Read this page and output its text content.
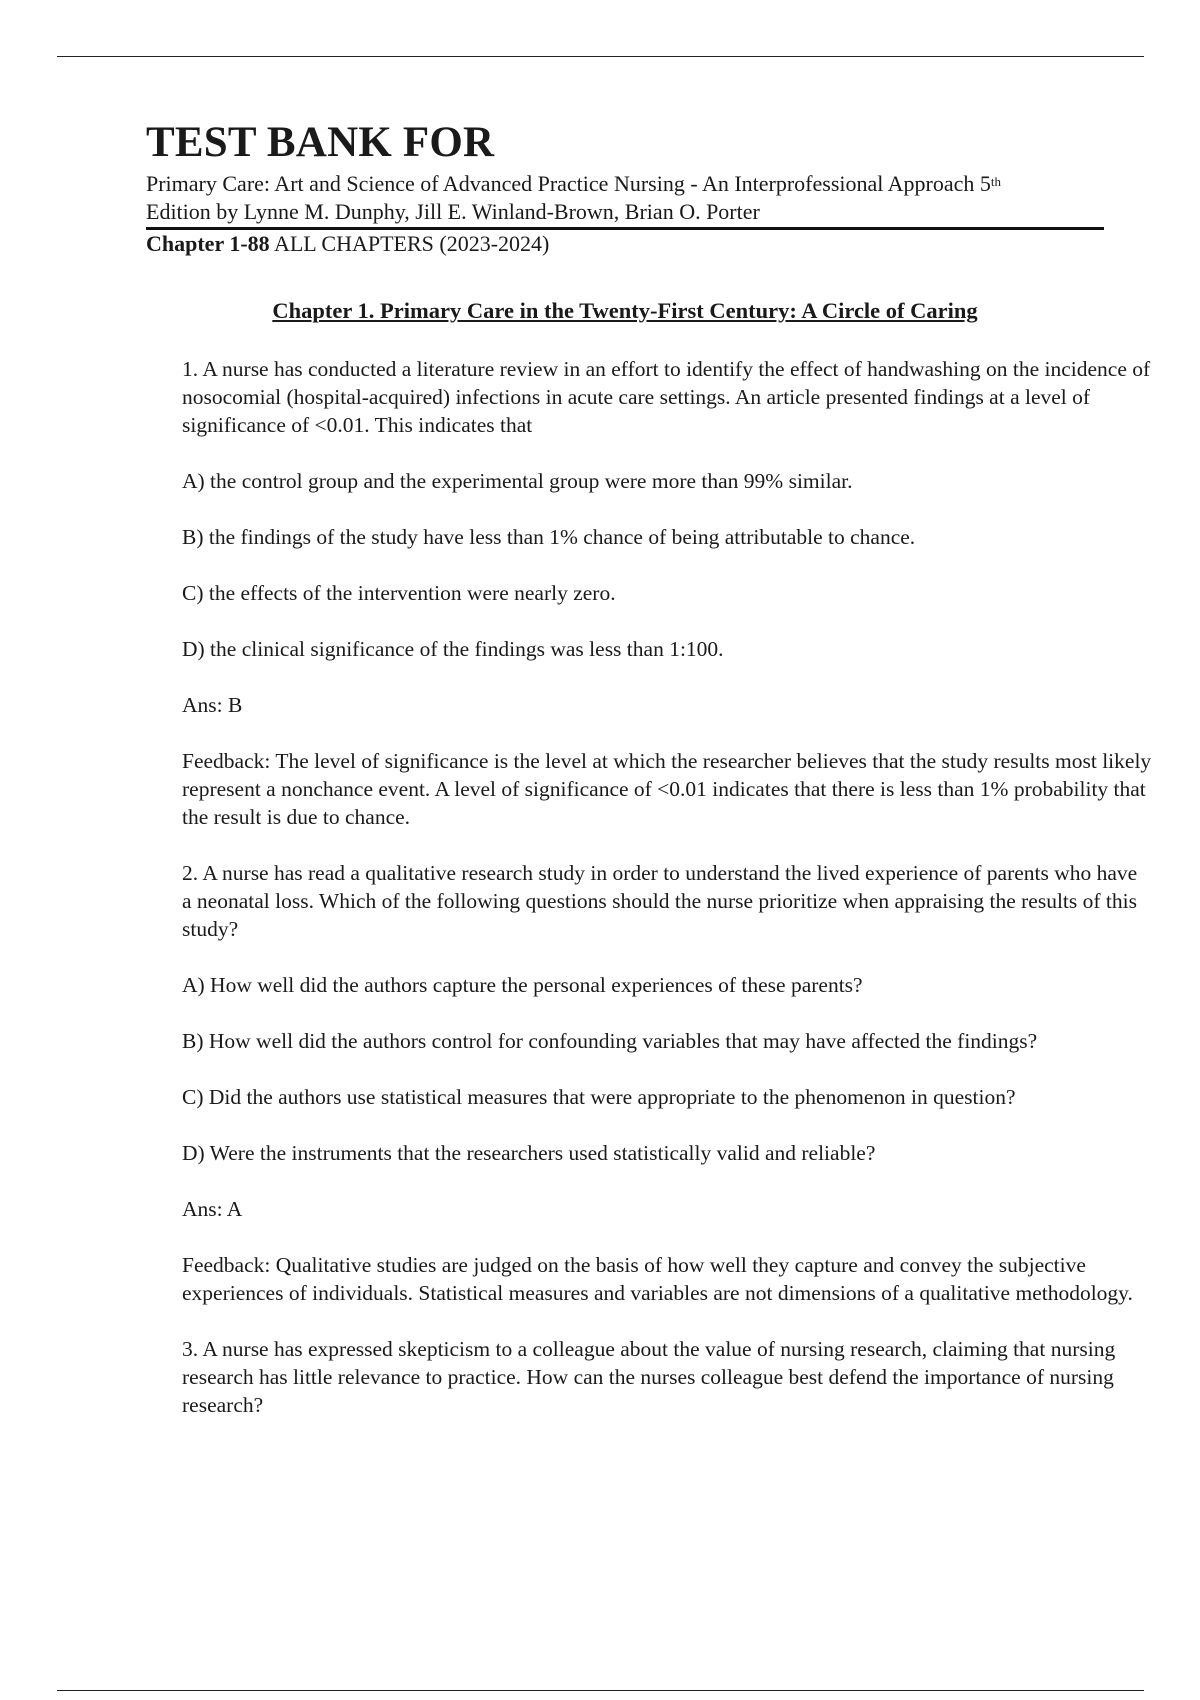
TEST BANK FOR
Primary Care: Art and Science of Advanced Practice Nursing - An Interprofessional Approach 5th
Edition by Lynne M. Dunphy, Jill E. Winland-Brown, Brian O. Porter
Chapter 1-88 ALL CHAPTERS (2023-2024)
Chapter 1. Primary Care in the Twenty-First Century: A Circle of Caring

1. A nurse has conducted a literature review in an effort to identify the effect of handwashing on the incidence of nosocomial (hospital-acquired) infections in acute care settings. An article presented findings at a level of significance of <0.01. This indicates that

A) the control group and the experimental group were more than 99% similar.

B) the findings of the study have less than 1% chance of being attributable to chance.

C) the effects of the intervention were nearly zero.

D) the clinical significance of the findings was less than 1:100.

Ans: B

Feedback: The level of significance is the level at which the researcher believes that the study results most likely represent a nonchance event. A level of significance of <0.01 indicates that there is less than 1% probability that the result is due to chance.

2. A nurse has read a qualitative research study in order to understand the lived experience of parents who have a neonatal loss. Which of the following questions should the nurse prioritize when appraising the results of this study?

A) How well did the authors capture the personal experiences of these parents?

B) How well did the authors control for confounding variables that may have affected the findings?

C) Did the authors use statistical measures that were appropriate to the phenomenon in question?

D) Were the instruments that the researchers used statistically valid and reliable?

Ans: A

Feedback: Qualitative studies are judged on the basis of how well they capture and convey the subjective experiences of individuals. Statistical measures and variables are not dimensions of a qualitative methodology.

3. A nurse has expressed skepticism to a colleague about the value of nursing research, claiming that nursing research has little relevance to practice. How can the nurses colleague best defend the importance of nursing research?
